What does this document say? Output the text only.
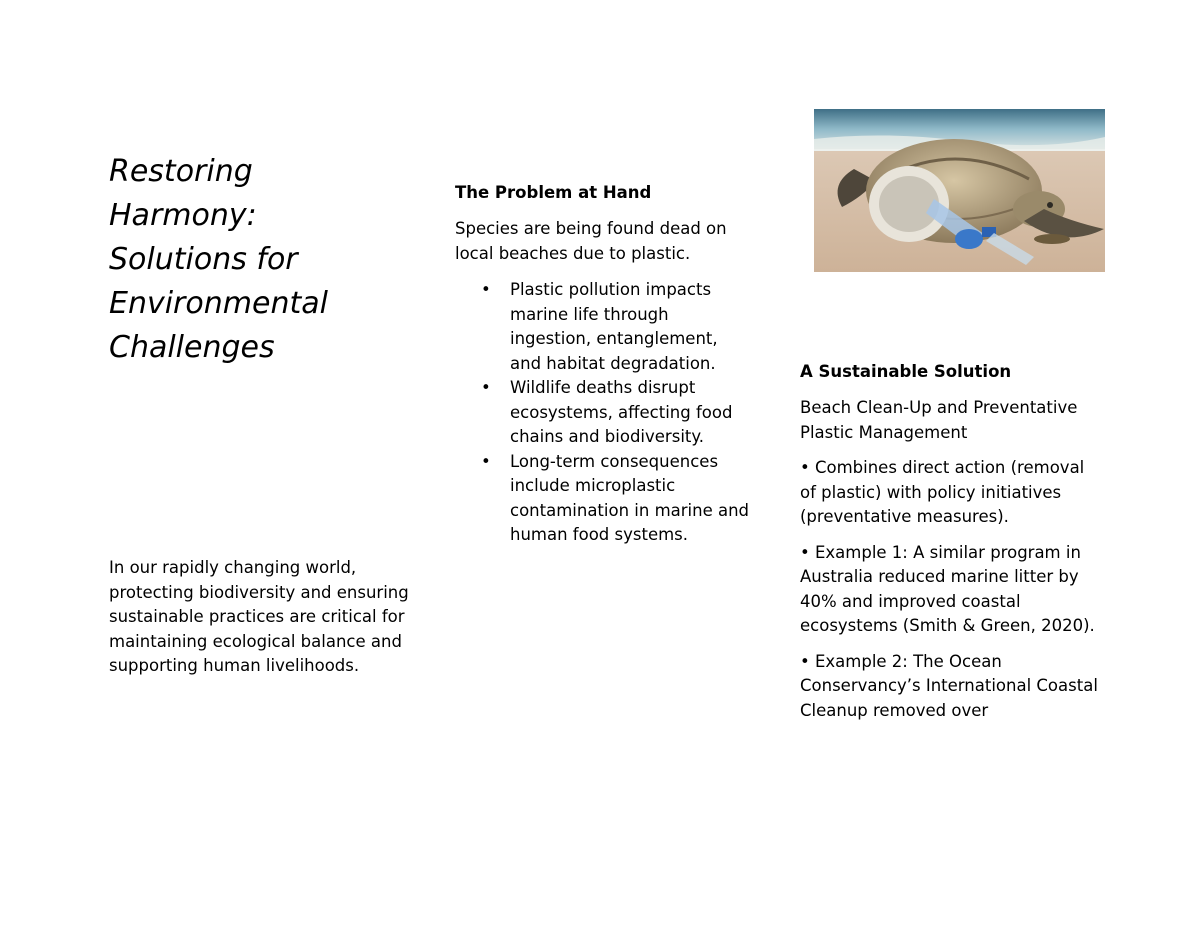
Restoring
Harmony:
Solutions for
Environmental
Challenges

In our rapidly changing world, protecting biodiversity and ensuring sustainable practices are critical for maintaining ecological balance and supporting human livelihoods.

The Problem at Hand

Species are being found dead on local beaches due to plastic.

• Plastic pollution impacts marine life through ingestion, entanglement, and habitat degradation.
• Wildlife deaths disrupt ecosystems, affecting food chains and biodiversity.
• Long-term consequences include microplastic contamination in marine and human food systems.

A Sustainable Solution

Beach Clean-Up and Preventative Plastic Management

• Combines direct action (removal of plastic) with policy initiatives (preventative measures).

• Example 1: A similar program in Australia reduced marine litter by 40% and improved coastal ecosystems (Smith & Green, 2020).

• Example 2: The Ocean Conservancy’s International Coastal Cleanup removed over
